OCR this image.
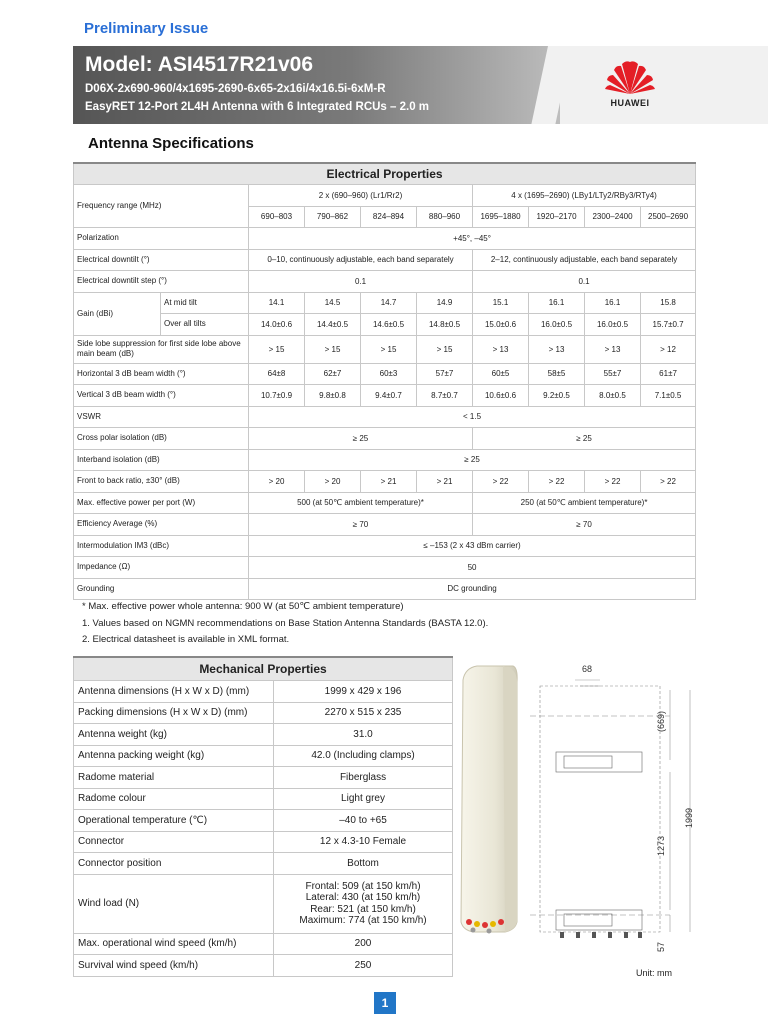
Preliminary Issue
Model: ASI4517R21v06
D06X-2x690-960/4x1695-2690-6x65-2x16i/4x16.5i-6xM-R
EasyRET 12-Port 2L4H Antenna with 6 Integrated RCUs – 2.0 m	HUAWEI
Antenna Specifications
Electrical Properties									
Frequency range (MHz)		2 x (690–960) (Lr1/Rr2)				4 x (1695–2690) (LBy1/LTy2/RBy3/RTy4)			
		690–803	790–862	824–894	880–960	1695–1880	1920–2170	2300–2400	2500–2690
Polarization		+45°, –45°							
Electrical downtilt (°)		0–10, continuously adjustable, each band separately				2–12, continuously adjustable, each band separately			
Electrical downtilt step (°)		0.1				0.1			
Gain (dBi)	At mid tilt	14.1	14.5	14.7	14.9	15.1	16.1	16.1	15.8
	Over all tilts	14.0±0.6	14.4±0.5	14.6±0.5	14.8±0.5	15.0±0.6	16.0±0.5	16.0±0.5	15.7±0.7
Side lobe suppression for first side lobe above main beam (dB)		> 15	> 15	> 15	> 15	> 13	> 13	> 13	> 12
Horizontal 3 dB beam width (°)		64±8	62±7	60±3	57±7	60±5	58±5	55±7	61±7
Vertical 3 dB beam width (°)		10.7±0.9	9.8±0.8	9.4±0.7	8.7±0.7	10.6±0.6	9.2±0.5	8.0±0.5	7.1±0.5
VSWR		< 1.5							
Cross polar isolation (dB)		≥ 25				≥ 25			
Interband isolation (dB)		≥ 25							
Front to back ratio, ±30° (dB)		> 20	> 20	> 21	> 21	> 22	> 22	> 22	> 22
Max. effective power per port (W)		500 (at 50℃ ambient temperature)*				250 (at 50℃ ambient temperature)*			
Efficiency Average (%)		≥ 70				≥ 70			
Intermodulation IM3 (dBc)		≤ –153 (2 x 43 dBm carrier)							
Impedance (Ω)		50							
Grounding		DC grounding							
* Max. effective power whole antenna: 900 W (at 50℃ ambient temperature)
1. Values based on NGMN recommendations on Base Station Antenna Standards (BASTA 12.0).
2. Electrical datasheet is available in XML format.
Mechanical Properties	
Antenna dimensions (H x W x D) (mm)	1999 x 429 x 196
Packing dimensions (H x W x D) (mm)	2270 x 515 x 235
Antenna weight (kg)	31.0
Antenna packing weight (kg)	42.0 (Including clamps)
Radome material	Fiberglass
Radome colour	Light grey
Operational temperature (℃)	–40 to +65
Connector	12 x 4.3-10 Female
Connector position	Bottom
Wind load (N)	Frontal: 509 (at 150 km/h)
Lateral: 430 (at 150 km/h)
Rear: 521 (at 150 km/h)
Maximum: 774 (at 150 km/h)

Max. operational wind speed (km/h)	200
Survival wind speed (km/h)	250
68
(669)
1999
1273
57
Unit: mm
1
